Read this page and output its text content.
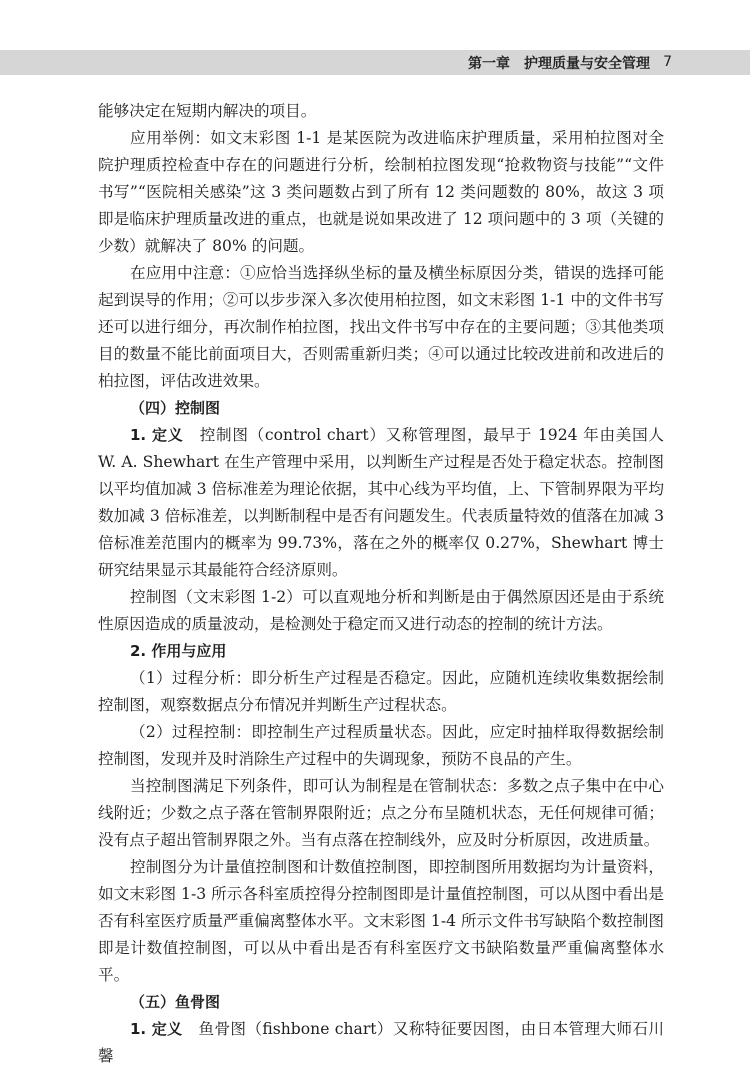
第一章　护理质量与安全管理 7

能够决定在短期内解决的项目。

应用举例：如文末彩图 1-1 是某医院为改进临床护理质量，采用柏拉图对全院护理质控检查中存在的问题进行分析，绘制柏拉图发现“抢救物资与技能”“文件书写”“医院相关感染”这 3 类问题数占到了所有 12 类问题数的 80%，故这 3 项即是临床护理质量改进的重点，也就是说如果改进了 12 项问题中的 3 项（关键的少数）就解决了 80% 的问题。

在应用中注意：①应恰当选择纵坐标的量及横坐标原因分类，错误的选择可能起到误导的作用；②可以步步深入多次使用柏拉图，如文末彩图 1-1 中的文件书写还可以进行细分，再次制作柏拉图，找出文件书写中存在的主要问题；③其他类项目的数量不能比前面项目大，否则需重新归类；④可以通过比较改进前和改进后的柏拉图，评估改进效果。

（四）控制图

1. 定义　 控制图（control chart）又称管理图，最早于 1924 年由美国人 W. A. Shewhart 在生产管理中采用，以判断生产过程是否处于稳定状态。控制图以平均值加减 3 倍标准差为理论依据，其中心线为平均值，上、下管制界限为平均数加减 3 倍标准差，以判断制程中是否有问题发生。代表质量特效的值落在加减 3 倍标准差范围内的概率为 99.73%，落在之外的概率仅 0.27%，Shewhart 博士研究结果显示其最能符合经济原则。

控制图（文末彩图 1-2）可以直观地分析和判断是由于偶然原因还是由于系统性原因造成的质量波动，是检测处于稳定而又进行动态的控制的统计方法。

2. 作用与应用

（1）过程分析：即分析生产过程是否稳定。因此，应随机连续收集数据绘制控制图，观察数据点分布情况并判断生产过程状态。

（2）过程控制：即控制生产过程质量状态。因此，应定时抽样取得数据绘制控制图，发现并及时消除生产过程中的失调现象，预防不良品的产生。

当控制图满足下列条件，即可认为制程是在管制状态：多数之点子集中在中心线附近；少数之点子落在管制界限附近；点之分布呈随机状态，无任何规律可循；没有点子超出管制界限之外。当有点落在控制线外，应及时分析原因，改进质量。

控制图分为计量值控制图和计数值控制图，即控制图所用数据均为计量资料，如文末彩图 1-3 所示各科室质控得分控制图即是计量值控制图，可以从图中看出是否有科室医疗质量严重偏离整体水平。文末彩图 1-4 所示文件书写缺陷个数控制图即是计数值控制图，可以从中看出是否有科室医疗文书缺陷数量严重偏离整体水平。

（五）鱼骨图

1. 定义　 鱼骨图（fishbone chart）又称特征要因图，由日本管理大师石川馨
